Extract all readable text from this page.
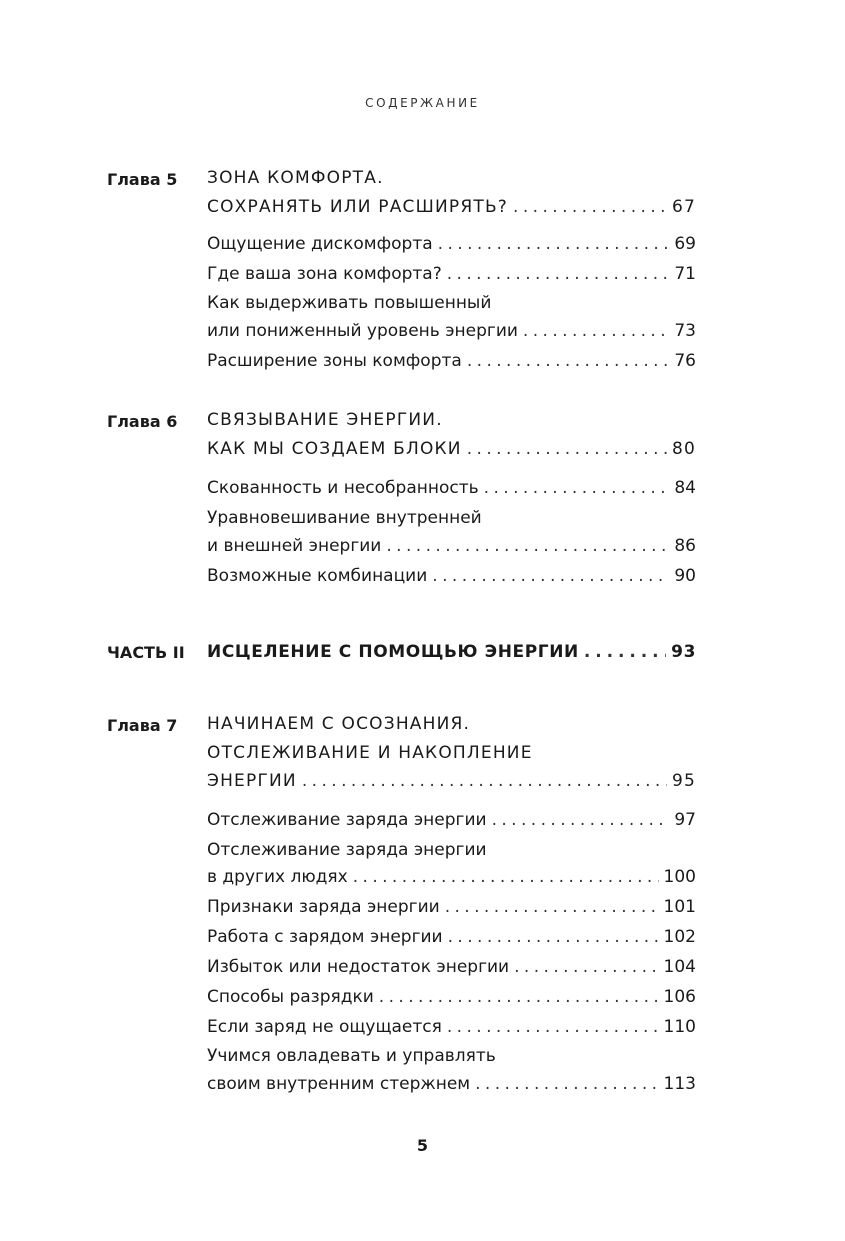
СОДЕРЖАНИЕ
Глава 5 ЗОНА КОМФОРТА.
СОХРАНЯТЬ ИЛИ РАСШИРЯТЬ? . . .	67
Ощущение дискомфорта . . .	69
Где ваша зона комфорта? . . .	71
Как выдерживать повышенный
или пониженный уровень энергии . . .	73
Расширение зоны комфорта . . .	76
Глава 6 СВЯЗЫВАНИЕ ЭНЕРГИИ.
КАК МЫ СОЗДАЕМ БЛОКИ . . .	80
Скованность и несобранность . . .	84
Уравновешивание внутренней
и внешней энергии . . .	86
Возможные комбинации . . .	90
ЧАСТЬ II ИСЦЕЛЕНИЕ С ПОМОЩЬЮ ЭНЕРГИИ . . .	93
Глава 7 НАЧИНАЕМ С ОСОЗНАНИЯ.
ОТСЛЕЖИВАНИЕ И НАКОПЛЕНИЕ
ЭНЕРГИИ . . .	95
Отслеживание заряда энергии . . .	97
Отслеживание заряда энергии
в других людях . . .	100
Признаки заряда энергии . . .	101
Работа с зарядом энергии . . .	102
Избыток или недостаток энергии . . .	104
Способы разрядки . . .	106
Если заряд не ощущается . . .	110
Учимся овладевать и управлять
своим внутренним стержнем . . .	113
5
